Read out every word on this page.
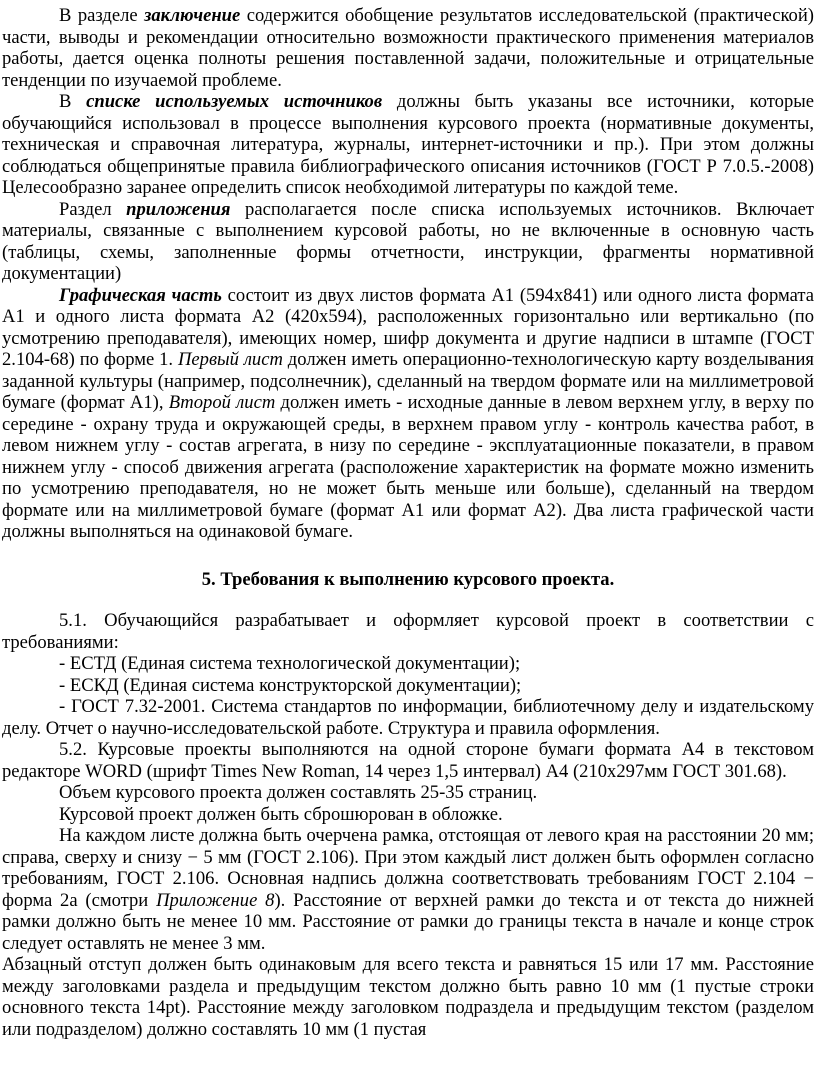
В разделе заключение содержится обобщение результатов исследовательской (практической) части, выводы и рекомендации относительно возможности практического применения материалов работы, дается оценка полноты решения поставленной задачи, положительные и отрицательные тенденции по изучаемой проблеме.

В списке используемых источников должны быть указаны все источники, которые обучающийся использовал в процессе выполнения курсового проекта (нормативные документы, техническая и справочная литература, журналы, интернет-источники и пр.). При этом должны соблюдаться общепринятые правила библиографического описания источников (ГОСТ Р 7.0.5.-2008) Целесообразно заранее определить список необходимой литературы по каждой теме.

Раздел приложения располагается после списка используемых источников. Включает материалы, связанные с выполнением курсовой работы, но не включенные в основную часть (таблицы, схемы, заполненные формы отчетности, инструкции, фрагменты нормативной документации)

Графическая часть состоит из двух листов формата А1 (594х841) или одного листа формата А1 и одного листа формата А2 (420х594), расположенных горизонтально или вертикально (по усмотрению преподавателя), имеющих номер, шифр документа и другие надписи в штампе (ГОСТ 2.104-68) по форме 1. Первый лист должен иметь операционно-технологическую карту возделывания заданной культуры (например, подсолнечник), сделанный на твердом формате или на миллиметровой бумаге (формат А1), Второй лист должен иметь - исходные данные в левом верхнем углу, в верху по середине - охрану труда и окружающей среды, в верхнем правом углу - контроль качества работ, в левом нижнем углу - состав агрегата, в низу по середине - эксплуатационные показатели, в правом нижнем углу - способ движения агрегата (расположение характеристик на формате можно изменить по усмотрению преподавателя, но не может быть меньше или больше), сделанный на твердом формате или на миллиметровой бумаге (формат А1 или формат А2). Два листа графической части должны выполняться на одинаковой бумаге.

5. Требования к выполнению курсового проекта.

5.1. Обучающийся разрабатывает и оформляет курсовой проект в соответствии с требованиями:

- ЕСТД (Единая система технологической документации);

- ЕСКД (Единая система конструкторской документации);

- ГОСТ 7.32-2001. Система стандартов по информации, библиотечному делу и издательскому делу. Отчет о научно-исследовательской работе. Структура и правила оформления.

5.2. Курсовые проекты выполняются на одной стороне бумаги формата А4 в текстовом редакторе WORD (шрифт Times New Roman, 14 через 1,5 интервал) А4 (210х297мм ГОСТ 301.68).

Объем курсового проекта должен составлять 25-35 страниц.

Курсовой проект должен быть сброшюрован в обложке.

На каждом листе должна быть очерчена рамка, отстоящая от левого края на расстоянии 20 мм; справа, сверху и снизу − 5 мм (ГОСТ 2.106). При этом каждый лист должен быть оформлен согласно требованиям, ГОСТ 2.106. Основная надпись должна соответствовать требованиям ГОСТ 2.104 − форма 2а (смотри Приложение 8). Расстояние от верхней рамки до текста и от текста до нижней рамки должно быть не менее 10 мм. Расстояние от рамки до границы текста в начале и конце строк следует оставлять не менее 3 мм.

Абзацный отступ должен быть одинаковым для всего текста и равняться 15 или 17 мм. Расстояние между заголовками раздела и предыдущим текстом должно быть равно 10 мм (1 пустые строки основного текста 14pt). Расстояние между заголовком подраздела и предыдущим текстом (разделом или подразделом) должно составлять 10 мм (1 пустая
